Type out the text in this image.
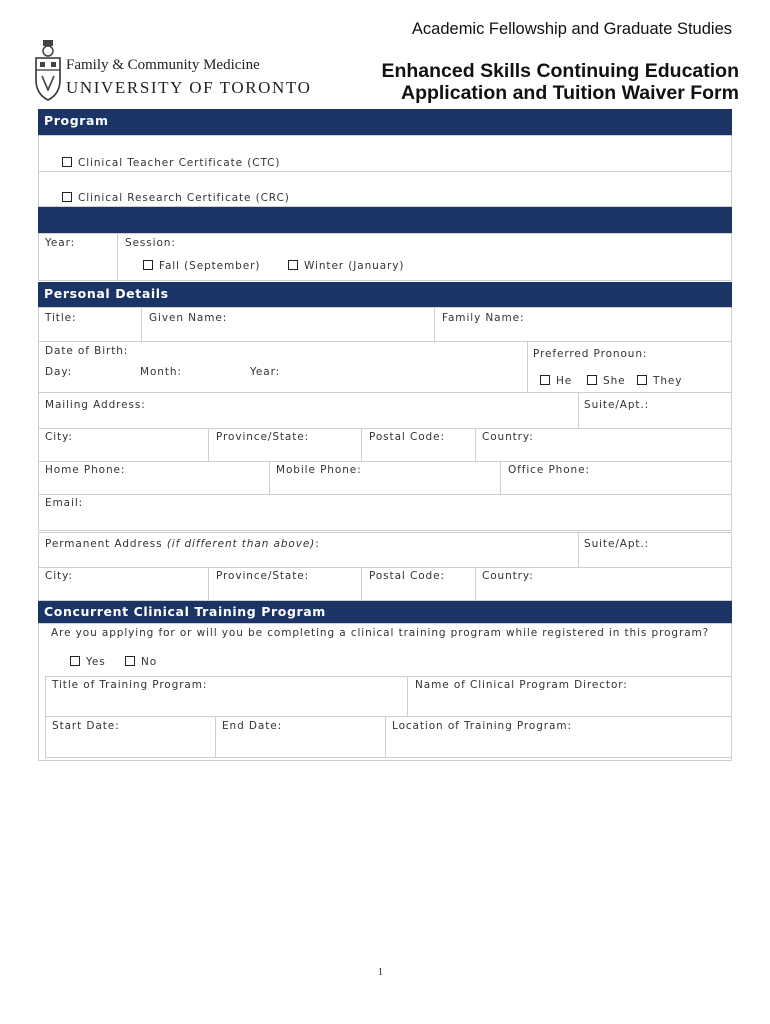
Academic Fellowship and Graduate Studies
Enhanced Skills Continuing Education
Application and Tuition Waiver Form
Family & Community Medicine
UNIVERSITY OF TORONTO
Program
Clinical Teacher Certificate (CTC)
Clinical Research Certificate (CRC)
Year:	Session:
Fall (September)	Winter (January)
Personal Details
Title:	Given Name:	Family Name:
Date of Birth:
Day:	Month:	Year:
Preferred Pronoun:
He	She	They
Mailing Address:	Suite/Apt.:
City:	Province/State:	Postal Code:	Country:
Home Phone:	Mobile Phone:	Office Phone:
Email:
Permanent Address (if different than above):	Suite/Apt.:
City:	Province/State:	Postal Code:	Country:
Concurrent Clinical Training Program
Are you applying for or will you be completing a clinical training program while registered in this program?
Yes	No
Title of Training Program:	Name of Clinical Program Director:
Start Date:	End Date:	Location of Training Program:
1
